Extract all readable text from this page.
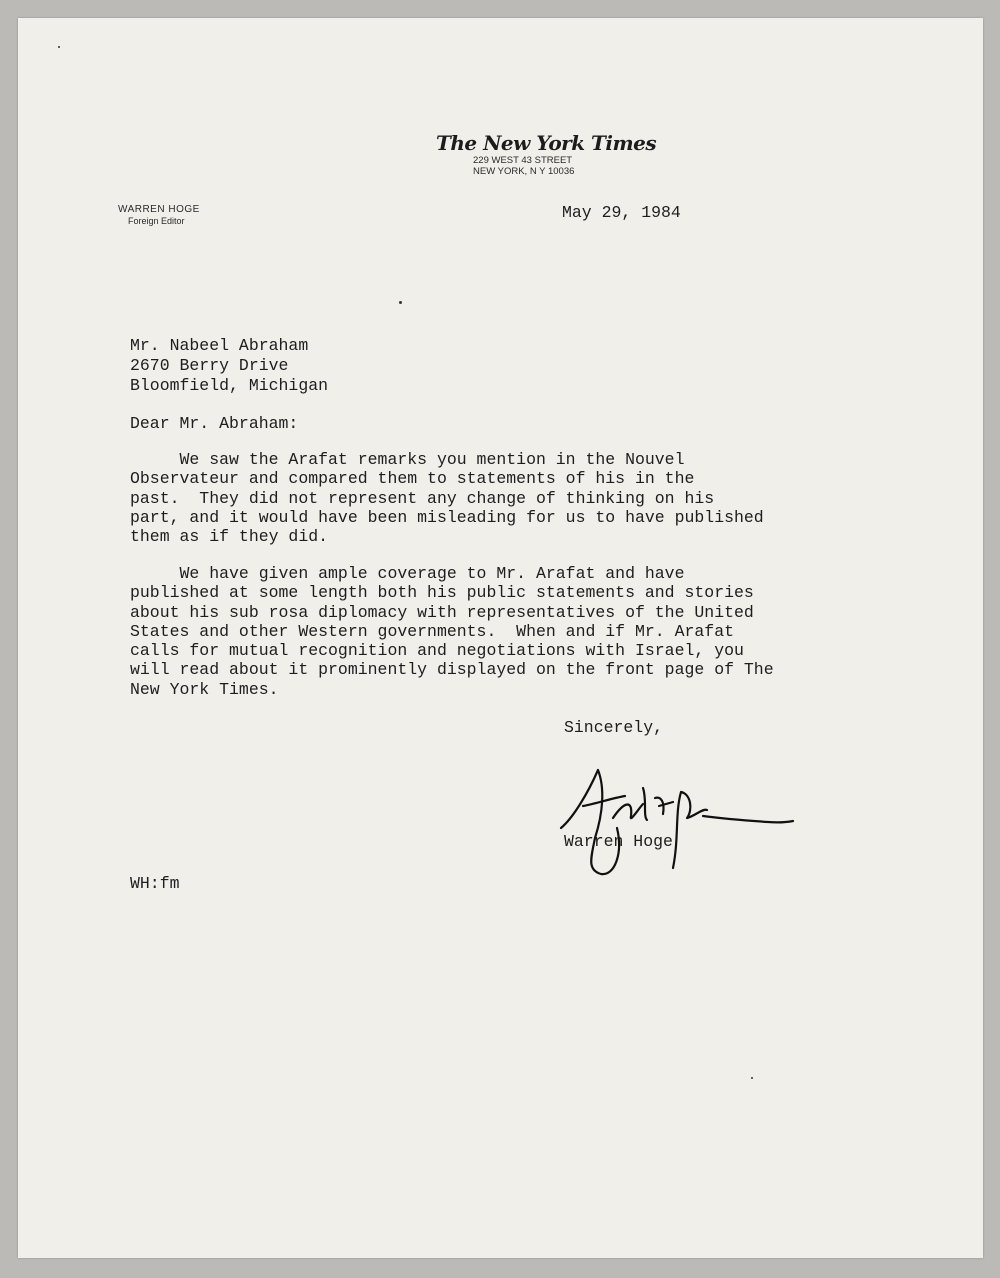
The New York Times
229 WEST 43 STREET
NEW YORK, N Y 10036
WARREN HOGE
Foreign Editor	May 29, 1984
Mr. Nabeel Abraham
2670 Berry Drive
Bloomfield, Michigan
Dear Mr. Abraham:
We saw the Arafat remarks you mention in the Nouvel
Observateur and compared them to statements of his in the
past.  They did not represent any change of thinking on his
part, and it would have been misleading for us to have published
them as if they did.
We have given ample coverage to Mr. Arafat and have
published at some length both his public statements and stories
about his sub rosa diplomacy with representatives of the United
States and other Western governments.  When and if Mr. Arafat
calls for mutual recognition and negotiations with Israel, you
will read about it prominently displayed on the front page of The
New York Times.
Sincerely,
Warren Hoge
WH:fm
